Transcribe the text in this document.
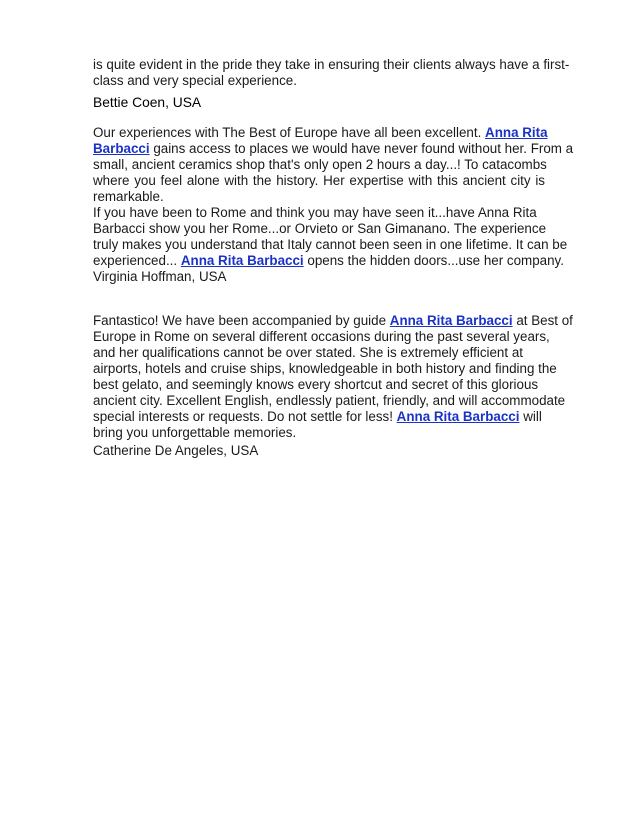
is quite evident in the pride they take in ensuring their clients always have a first-
class and very special experience.
Bettie Coen, USA
Our experiences with The Best of Europe have all been excellent. Anna Rita
Barbacci gains access to places we would have never found without her. From a
small, ancient ceramics shop that's only open 2 hours a day...! To catacombs
where you feel alone with the history. Her expertise with this ancient city is
remarkable.
If you have been to Rome and think you may have seen it...have Anna Rita
Barbacci show you her Rome...or Orvieto or San Gimanano. The experience
truly makes you understand that Italy cannot been seen in one lifetime. It can be
experienced... Anna Rita Barbacci opens the hidden doors...use her company.
Virginia Hoffman, USA
Fantastico! We have been accompanied by guide Anna Rita Barbacci at Best of
Europe in Rome on several different occasions during the past several years,
and her qualifications cannot be over stated. She is extremely efficient at
airports, hotels and cruise ships, knowledgeable in both history and finding the
best gelato, and seemingly knows every shortcut and secret of this glorious
ancient city. Excellent English, endlessly patient, friendly, and will accommodate
special interests or requests. Do not settle for less! Anna Rita Barbacci will
bring you unforgettable memories.
Catherine De Angeles, USA
